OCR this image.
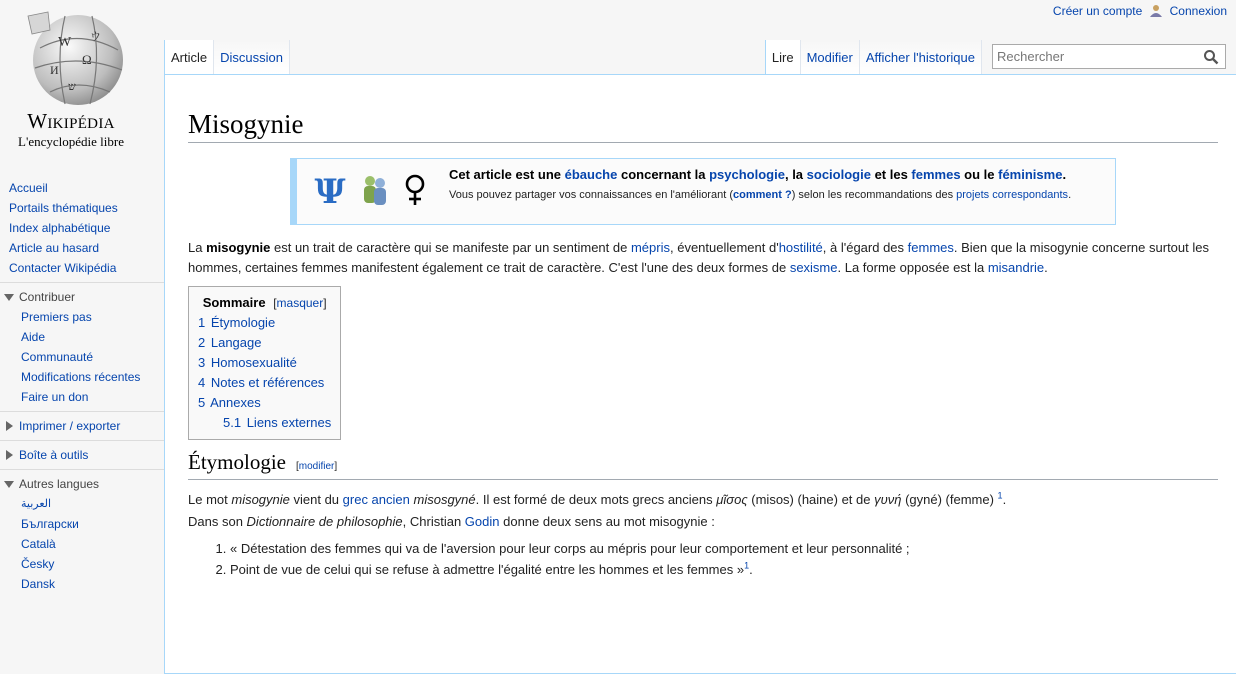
W
Ω
И
ウ
ש
Wikipédia
L'encyclopédie libre
Accueil
Portails thématiques
Index alphabétique
Article au hasard
Contacter Wikipédia
Contribuer
Premiers pas
Aide
Communauté
Modifications récentes
Faire un don
Imprimer / exporter
Boîte à outils
Autres langues
العربية
Български
Català
Česky
Dansk
Créer un compte	Connexion
Article	Discussion	Lire	Modifier	Afficher l'historique
Rechercher
Misogynie
Ψ	Cet article est une ébauche concernant la psychologie, la sociologie et les femmes ou le féminisme.
Vous pouvez partager vos connaissances en l'améliorant (comment ?) selon les recommandations des projets correspondants.

La misogynie est un trait de caractère qui se manifeste par un sentiment de mépris, éventuellement d'hostilité, à l'égard des femmes. Bien que la misogynie concerne surtout les hommes, certaines femmes manifestent également ce trait de caractère. C'est l'une des deux formes de sexisme. La forme opposée est la misandrie.

Sommaire [masquer]
1 Étymologie
2 Langage
3 Homosexualité
4 Notes et références
5 Annexes
5.1 Liens externes
Étymologie [modifier]

Le mot misogynie vient du grec ancien misosgyné. Il est formé de deux mots grecs anciens μῖσος (misos) (haine) et de γυνή (gyné) (femme) $^1$.

Dans son Dictionnaire de philosophie, Christian Godin donne deux sens au mot misogynie :

1. « Détestation des femmes qui va de l'aversion pour leur corps au mépris pour leur comportement et leur personnalité ;
2. Point de vue de celui qui se refuse à admettre l'égalité entre les hommes et les femmes »$^1$.
